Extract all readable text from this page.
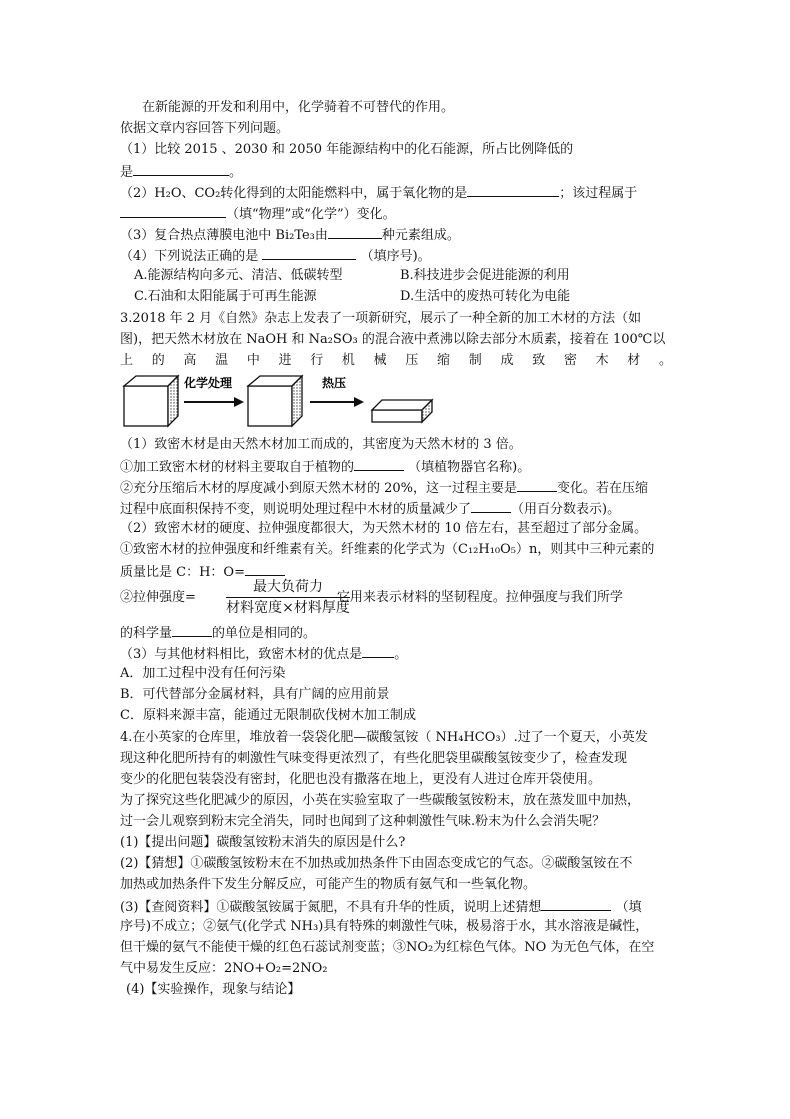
在新能源的开发和利用中，化学骑着不可替代的作用。
依据文章内容回答下列问题。
（1）比较 2015 、2030 和 2050 年能源结构中的化石能源，所占比例降低的
是	。
（2）H₂O、CO₂转化得到的太阳能燃料中，属于氧化物的是	；该过程属于
（填“物理”或“化学”）变化。
（3）复合热点薄膜电池中 Bi₂Te₃由	种元素组成。
（4）下列说法正确的是	（填序号)。
A.能源结构向多元、清洁、低碳转型	B.科技进步会促进能源的利用
C.石油和太阳能属于可再生能源	D.生活中的废热可转化为电能
3.2018 年 2 月《自然》杂志上发表了一项新研究，展示了一种全新的加工木材的方法（如
图)，把天然木材放在 NaOH 和 Na₂SO₃ 的混合液中煮沸以除去部分木质素，接着在 100℃以
上的高温中进行机械压缩制成致密木材。
化学处理	热压
（1）致密木材是由天然木材加工而成的，其密度为天然木材的 3 倍。
①加工致密木材的材料主要取自于植物的	（填植物器官名称)。
②充分压缩后木材的厚度减小到原天然木材的 20%，这一过程主要是	变化。若在压缩
过程中底面积保持不变，则说明处理过程中木材的质量减少了	（用百分数表示)。
（2）致密木材的硬度、拉伸强度都很大，为天然木材的 10 倍左右，甚至超过了部分金属。
①致密木材的拉伸强度和纤维素有关。纤维素的化学式为（C₁₂H₁₀O₅）n，则其中三种元素的
质量比是 C：H：O=
②拉伸强度=	，它用来表示材料的坚韧程度。拉伸强度与我们所学
最大负荷力
材料宽度×材料厚度
的科学量	的单位是相同的。
（3）与其他材料相比，致密木材的优点是 。
A．加工过程中没有任何污染
B．可代替部分金属材料，具有广阔的应用前景
C．原料来源丰富，能通过无限制砍伐树木加工制成
4.在小英家的仓库里，堆放着一袋袋化肥—碳酸氢铵（ NH₄HCO₃）.过了一个夏天，小英发
现这种化肥所持有的刺激性气味变得更浓烈了，有些化肥袋里碳酸氢铵变少了，检查发现
变少的化肥包装袋没有密封，化肥也没有撒落在地上，更没有人进过仓库开袋使用。
为了探究这些化肥减少的原因，小英在实验室取了一些碳酸氢铵粉末，放在蒸发皿中加热，
过一会儿观察到粉末完全消失，同时也闻到了这种刺激性气味.粉末为什么会消失呢？
(1)【提出问题】碳酸氢铵粉末消失的原因是什么?
(2)【猜想】①碳酸氢铵粉末在不加热或加热条件下由固态变成它的气态。②碳酸氢铵在不
加热或加热条件下发生分解反应，可能产生的物质有氨气和一些氧化物。
(3)【查阅资料】①碳酸氢铵属于氮肥，不具有升华的性质，说明上述猜想	（填
序号)不成立；②氨气(化学式 NH₃)具有特殊的刺激性气味，极易溶于水，其水溶液是碱性，
但干燥的氨气不能使干燥的红色石蕊试剂变蓝；③NO₂为红棕色气体。NO 为无色气体，在空
气中易发生反应：2NO+O₂=2NO₂
(4)【实验操作，现象与结论】
